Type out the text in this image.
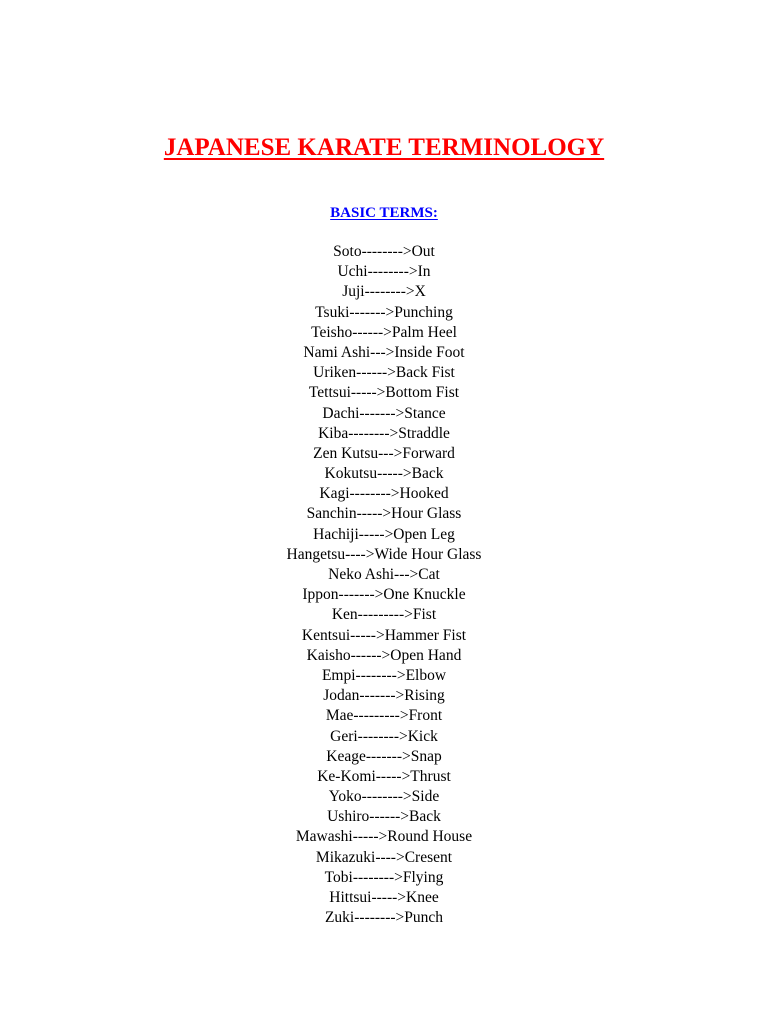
JAPANESE KARATE TERMINOLOGY
BASIC TERMS:
Soto-------->Out
Uchi-------->In
Juji-------->X
Tsuki------->Punching
Teisho------>Palm Heel
Nami Ashi--->Inside Foot
Uriken------>Back Fist
Tettsui----->Bottom Fist
Dachi------->Stance
Kiba-------->Straddle
Zen Kutsu--->Forward
Kokutsu----->Back
Kagi-------->Hooked
Sanchin----->Hour Glass
Hachiji----->Open Leg
Hangetsu---->Wide Hour Glass
Neko Ashi--->Cat
Ippon------->One Knuckle
Ken--------->Fist
Kentsui----->Hammer Fist
Kaisho------>Open Hand
Empi-------->Elbow
Jodan------->Rising
Mae--------->Front
Geri-------->Kick
Keage------->Snap
Ke-Komi----->Thrust
Yoko-------->Side
Ushiro------>Back
Mawashi----->Round House
Mikazuki---->Cresent
Tobi-------->Flying
Hittsui----->Knee
Zuki-------->Punch
